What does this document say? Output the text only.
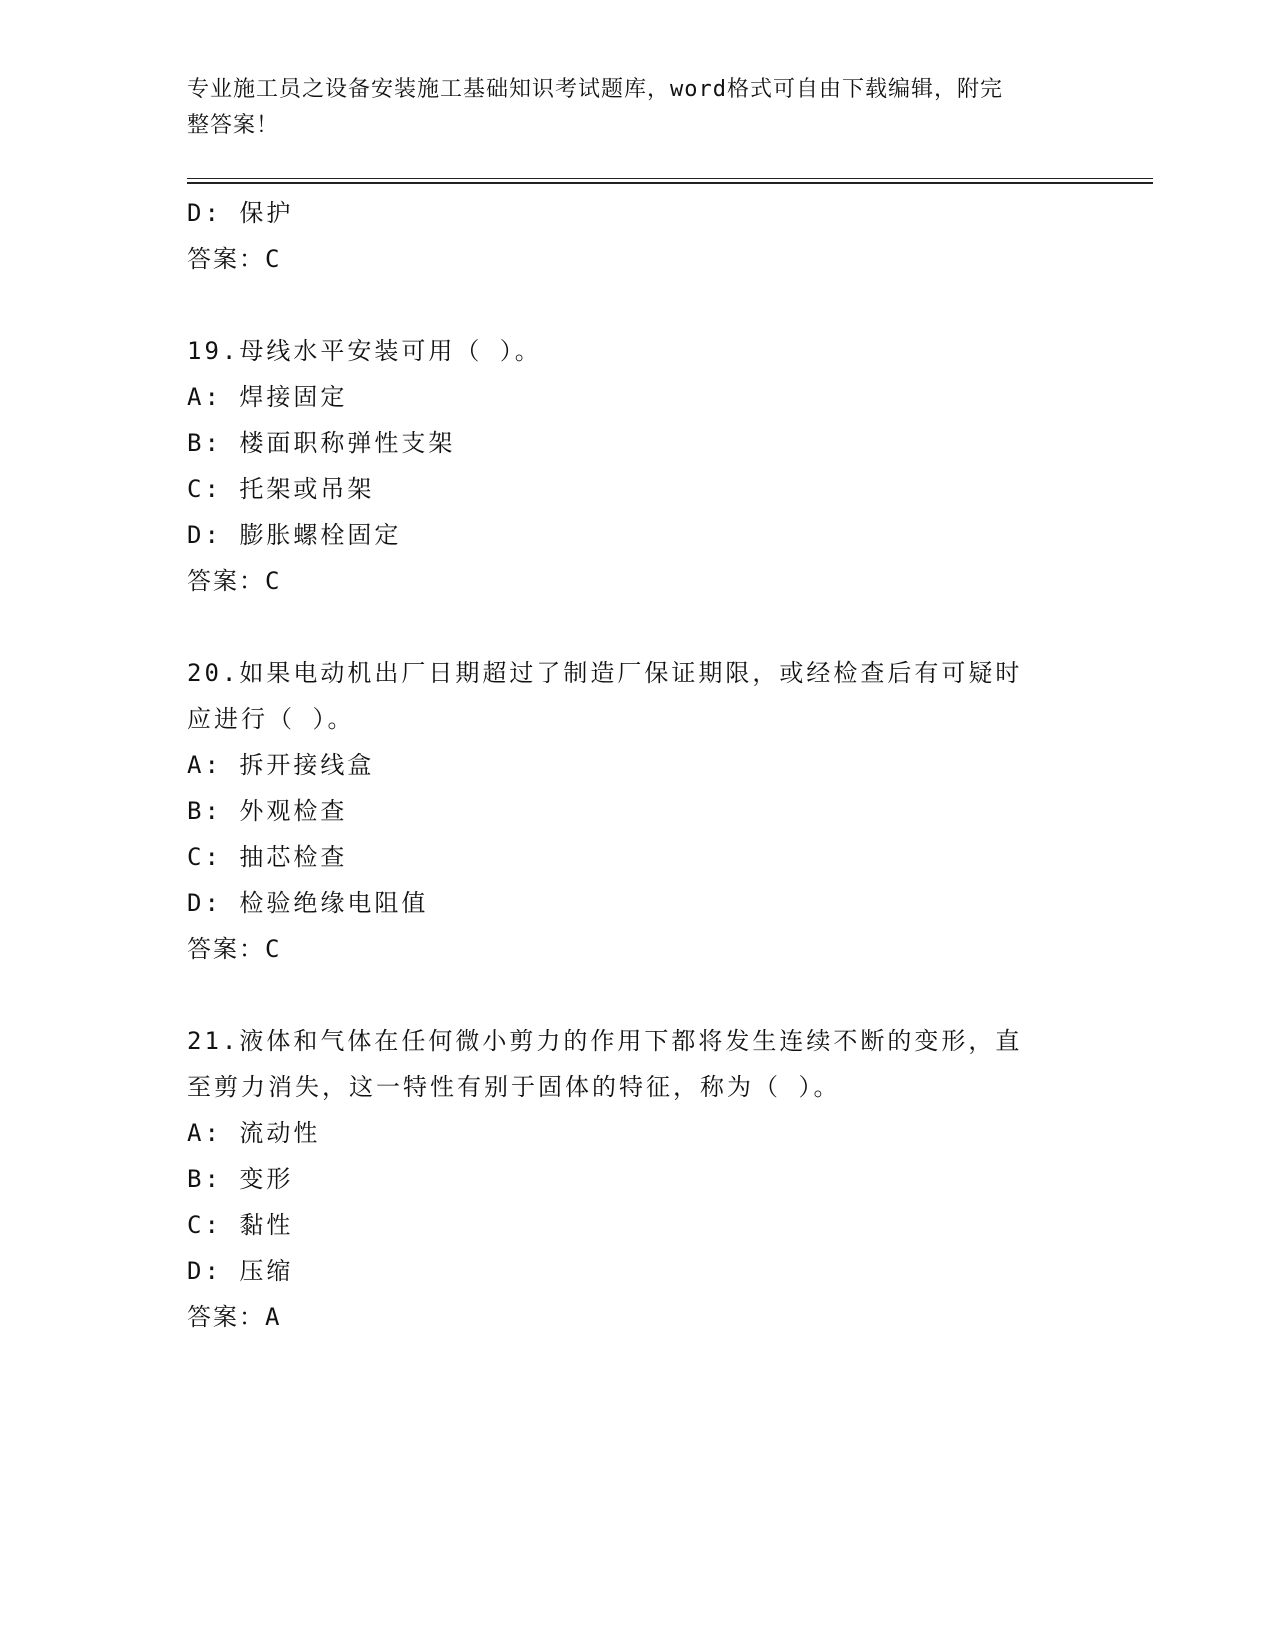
专业施工员之设备安装施工基础知识考试题库，word格式可自由下载编辑，附完
整答案！
D: 保护
答案：C
19.母线水平安装可用（ ）。
A: 焊接固定
B: 楼面职称弹性支架
C: 托架或吊架
D: 膨胀螺栓固定
答案：C
20.如果电动机出厂日期超过了制造厂保证期限，或经检查后有可疑时
应进行（ ）。
A: 拆开接线盒
B: 外观检查
C: 抽芯检查
D: 检验绝缘电阻值
答案：C
21.液体和气体在任何微小剪力的作用下都将发生连续不断的变形，直
至剪力消失，这一特性有别于固体的特征，称为（ ）。
A: 流动性
B: 变形
C: 黏性
D: 压缩
答案：A
